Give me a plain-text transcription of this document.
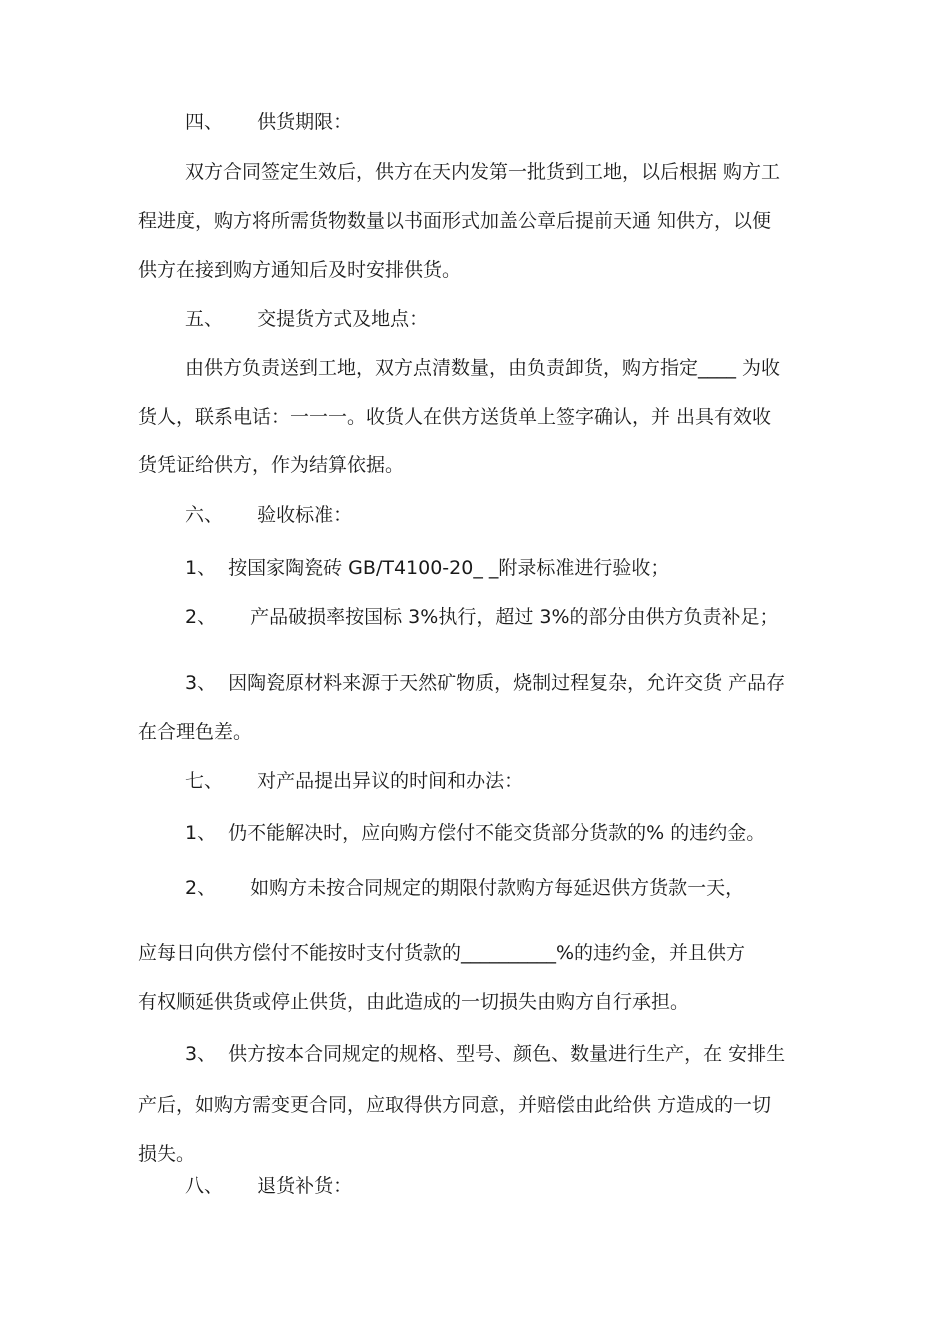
四、 供货期限：
双方合同签定生效后，供方在天内发第一批货到工地，以后根据 购方工
程进度，购方将所需货物数量以书面形式加盖公章后提前天通 知供方，以便
供方在接到购方通知后及时安排供货。
五、 交提货方式及地点：
由供方负责送到工地，双方点清数量，由负责卸货，购方指定____ 为收
货人，联系电话：一一一。收货人在供方送货单上签字确认，并 出具有效收
货凭证给供方，作为结算依据。
六、 验收标准：
1、 按国家陶瓷砖 GB/T4100-20_ _附录标准进行验收；
2、 产品破损率按国标 3%执行，超过 3%的部分由供方负责补足；
3、 因陶瓷原材料来源于天然矿物质，烧制过程复杂，允许交货 产品存
在合理色差。
七、 对产品提出异议的时间和办法：
1、 仍不能解决时，应向购方偿付不能交货部分货款的% 的违约金。
2、 如购方未按合同规定的期限付款购方每延迟供方货款一天，
应每日向供方偿付不能按时支付货款的__________%的违约金，并且供方
有权顺延供货或停止供货，由此造成的一切损失由购方自行承担。
3、 供方按本合同规定的规格、型号、颜色、数量进行生产，在 安排生
产后，如购方需变更合同，应取得供方同意，并赔偿由此给供 方造成的一切
损失。
八、 退货补货：
